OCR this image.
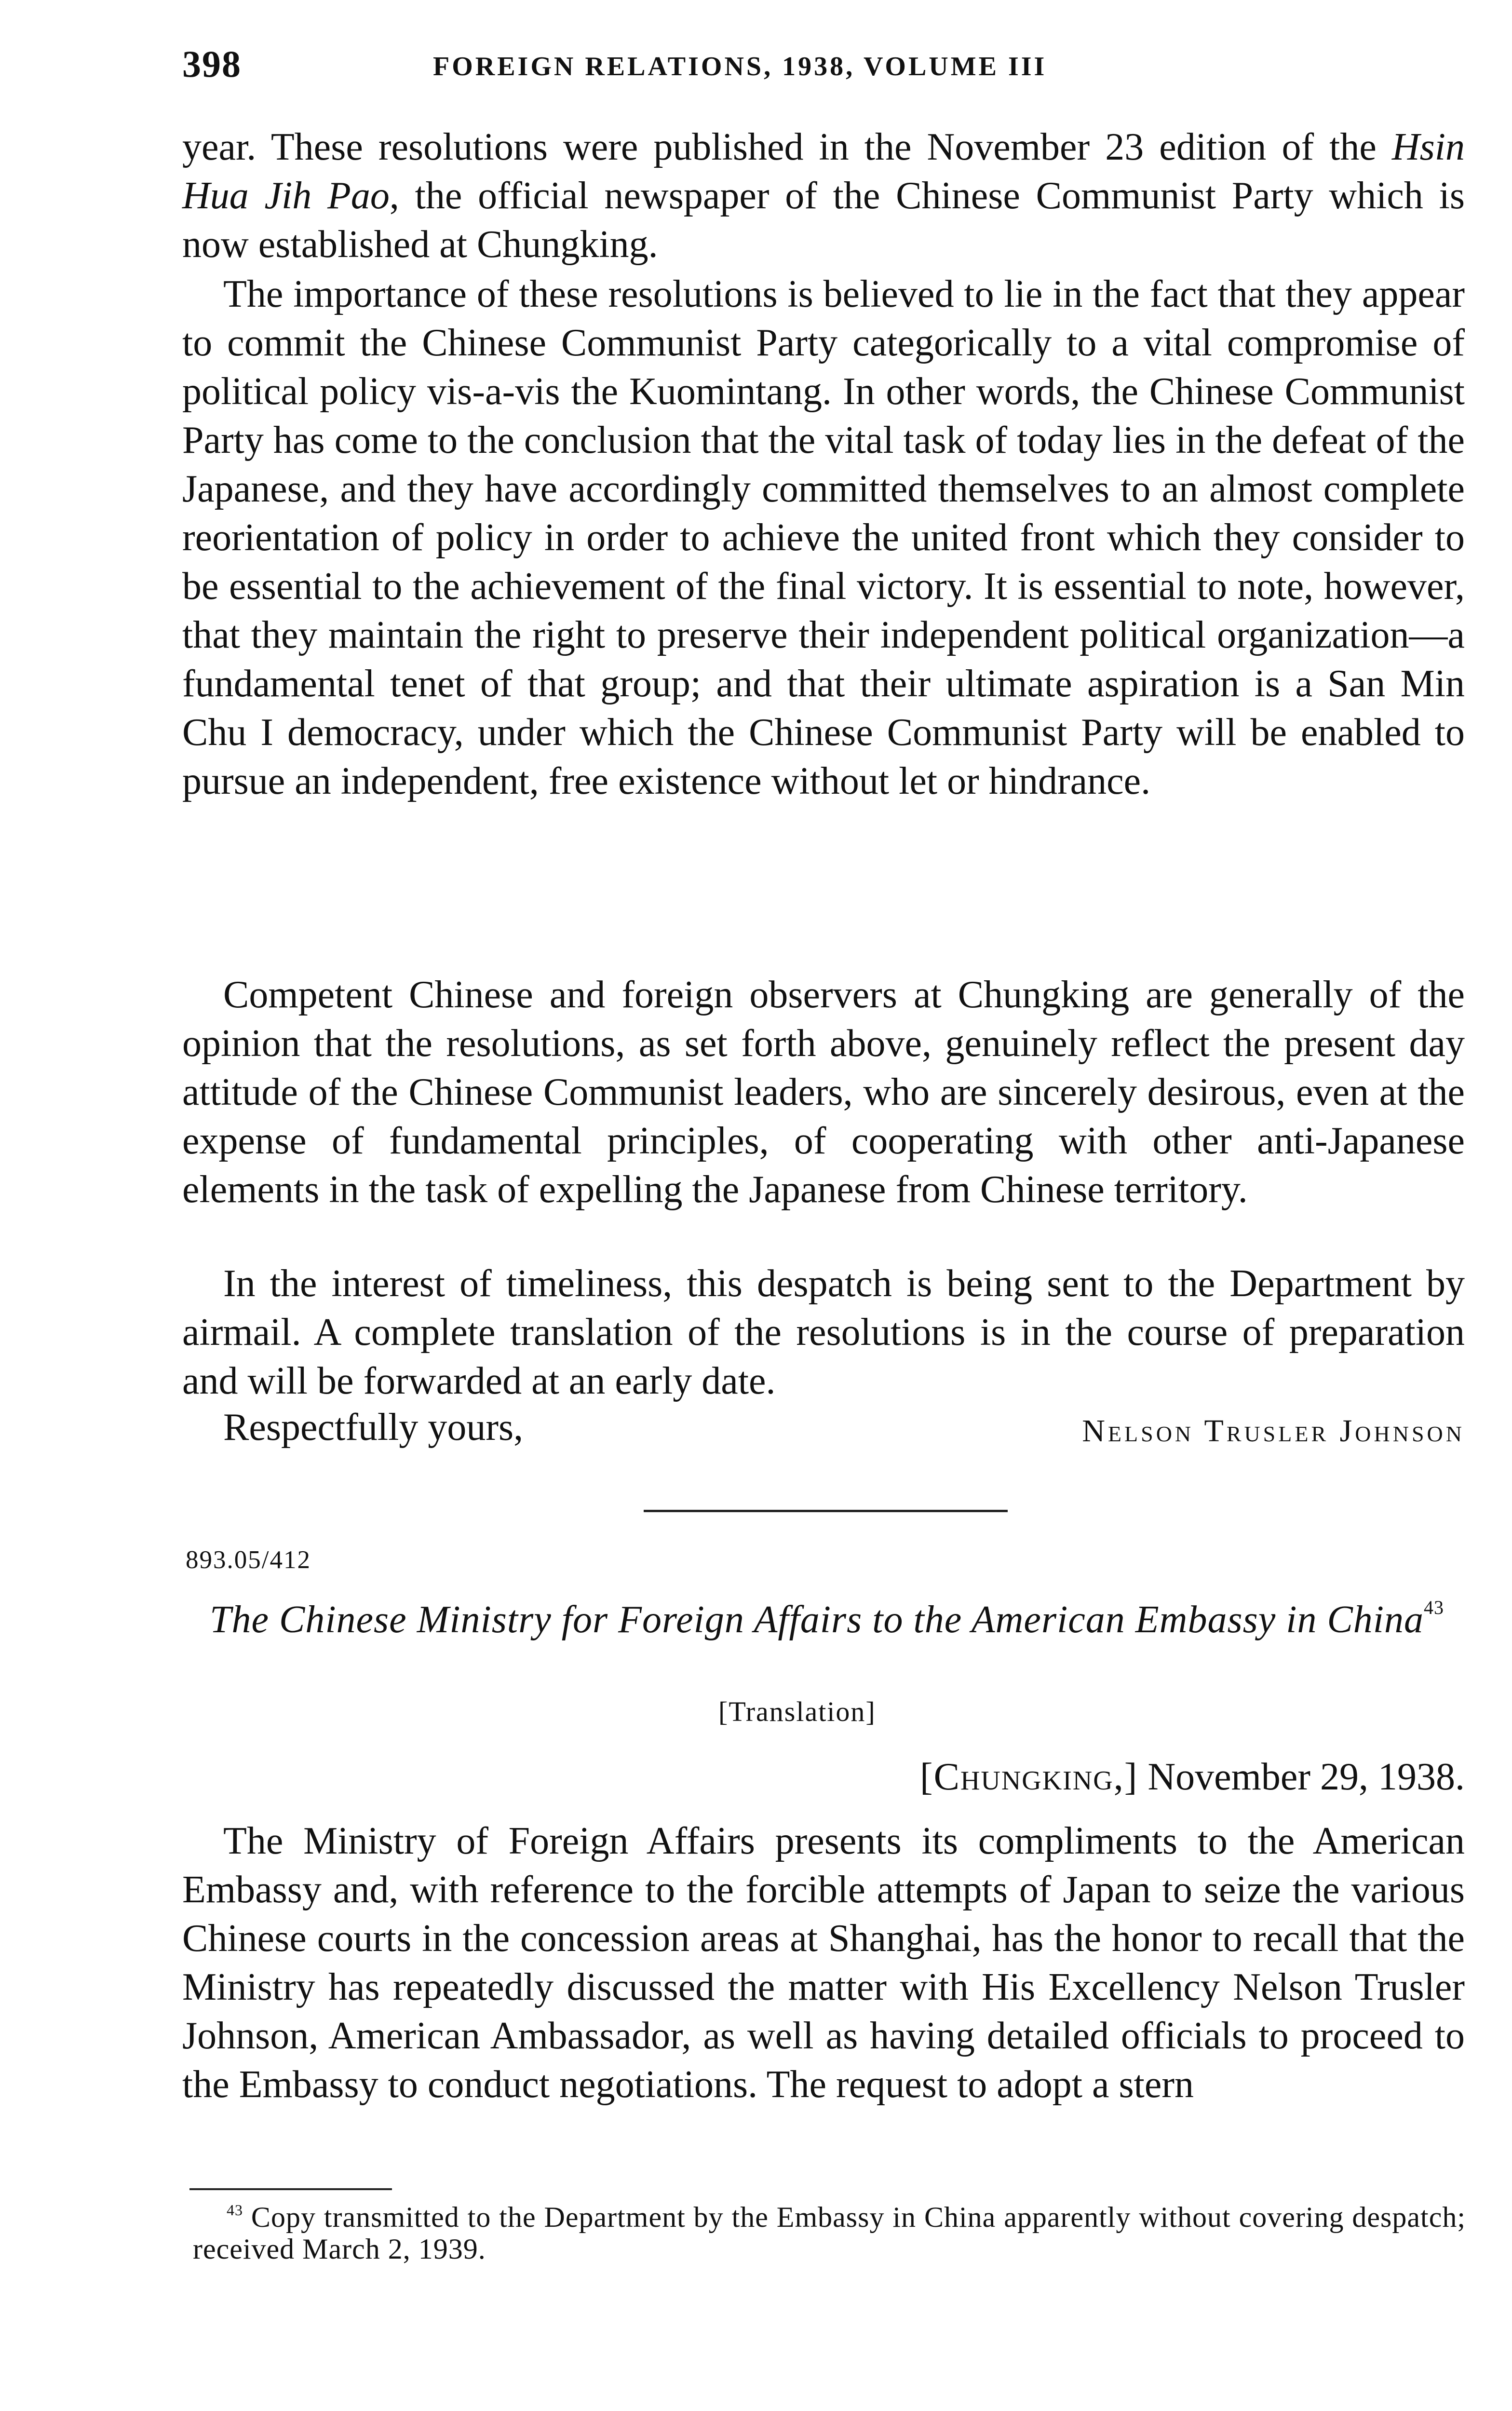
398	FOREIGN RELATIONS, 1938, VOLUME III

year. These resolutions were published in the November 23 edition of the Hsin Hua Jih Pao, the official newspaper of the Chinese Communist Party which is now established at Chungking.

The importance of these resolutions is believed to lie in the fact that they appear to commit the Chinese Communist Party categorically to a vital compromise of political policy vis-a-vis the Kuomintang. In other words, the Chinese Communist Party has come to the conclusion that the vital task of today lies in the defeat of the Japanese, and they have accordingly committed themselves to an almost complete reorientation of policy in order to achieve the united front which they consider to be essential to the achievement of the final victory. It is essential to note, however, that they maintain the right to preserve their independent political organization—a fundamental tenet of that group; and that their ultimate aspiration is a San Min Chu I democracy, under which the Chinese Communist Party will be enabled to pursue an independent, free existence without let or hindrance.

Competent Chinese and foreign observers at Chungking are generally of the opinion that the resolutions, as set forth above, genuinely reflect the present day attitude of the Chinese Communist leaders, who are sincerely desirous, even at the expense of fundamental principles, of cooperating with other anti-Japanese elements in the task of expelling the Japanese from Chinese territory.

In the interest of timeliness, this despatch is being sent to the Department by airmail. A complete translation of the resolutions is in the course of preparation and will be forwarded at an early date.

Respectfully yours,	Nelson Trusler Johnson
893.05/412
The Chinese Ministry for Foreign Affairs to the American Embassy in China$^{43}$
[Translation]
[Chungking,] November 29, 1938.

The Ministry of Foreign Affairs presents its compliments to the American Embassy and, with reference to the forcible attempts of Japan to seize the various Chinese courts in the concession areas at Shanghai, has the honor to recall that the Ministry has repeatedly discussed the matter with His Excellency Nelson Trusler Johnson, American Ambassador, as well as having detailed officials to proceed to the Embassy to conduct negotiations. The request to adopt a stern

$^{43}$ Copy transmitted to the Department by the Embassy in China apparently without covering despatch; received March 2, 1939.
